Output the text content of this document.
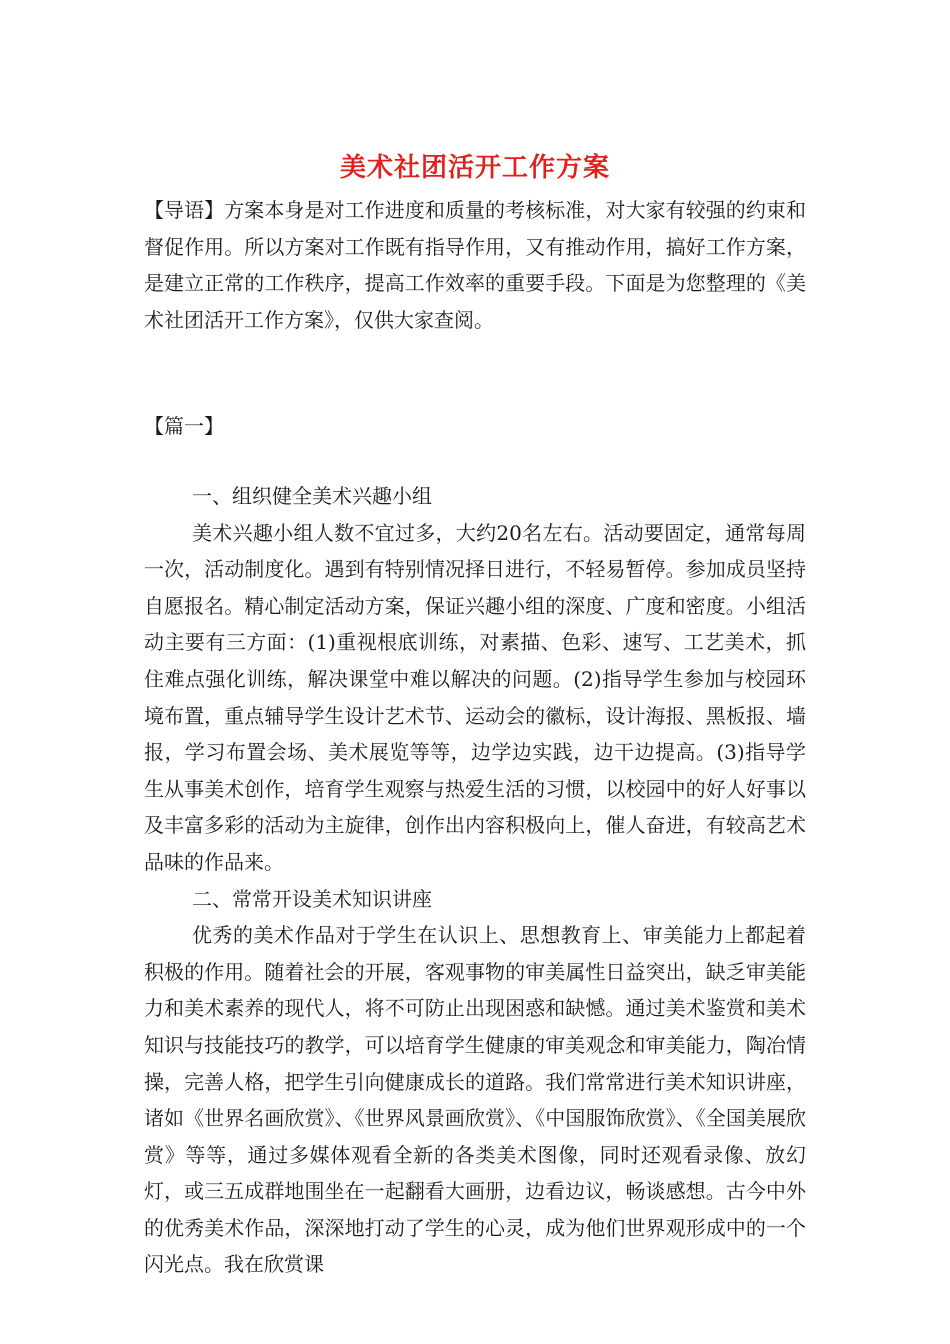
美术社团活开工作方案

【导语】方案本身是对工作进度和质量的考核标准，对大家有较强的约束和督促作用。所以方案对工作既有指导作用，又有推动作用，搞好工作方案，是建立正常的工作秩序，提高工作效率的重要手段。下面是为您整理的《美术社团活开工作方案》，仅供大家查阅。

【篇一】

一、组织健全美术兴趣小组

美术兴趣小组人数不宜过多，大约20名左右。活动要固定，通常每周一次，活动制度化。遇到有特别情况择日进行，不轻易暂停。参加成员坚持自愿报名。精心制定活动方案，保证兴趣小组的深度、广度和密度。小组活动主要有三方面：(1)重视根底训练，对素描、色彩、速写、工艺美术，抓住难点强化训练，解决课堂中难以解决的问题。(2)指导学生参加与校园环境布置，重点辅导学生设计艺术节、运动会的徽标，设计海报、黑板报、墙报，学习布置会场、美术展览等等，边学边实践，边干边提高。(3)指导学生从事美术创作，培育学生观察与热爱生活的习惯，以校园中的好人好事以及丰富多彩的活动为主旋律，创作出内容积极向上，催人奋进，有较高艺术品味的作品来。

二、常常开设美术知识讲座

优秀的美术作品对于学生在认识上、思想教育上、审美能力上都起着积极的作用。随着社会的开展，客观事物的审美属性日益突出，缺乏审美能力和美术素养的现代人，将不可防止出现困惑和缺憾。通过美术鉴赏和美术知识与技能技巧的教学，可以培育学生健康的审美观念和审美能力，陶冶情操，完善人格，把学生引向健康成长的道路。我们常常进行美术知识讲座，诸如《世界名画欣赏》、《世界风景画欣赏》、《中国服饰欣赏》、《全国美展欣赏》等等，通过多媒体观看全新的各类美术图像，同时还观看录像、放幻灯，或三五成群地围坐在一起翻看大画册，边看边议，畅谈感想。古今中外的优秀美术作品，深深地打动了学生的心灵，成为他们世界观形成中的一个闪光点。我在欣赏课
